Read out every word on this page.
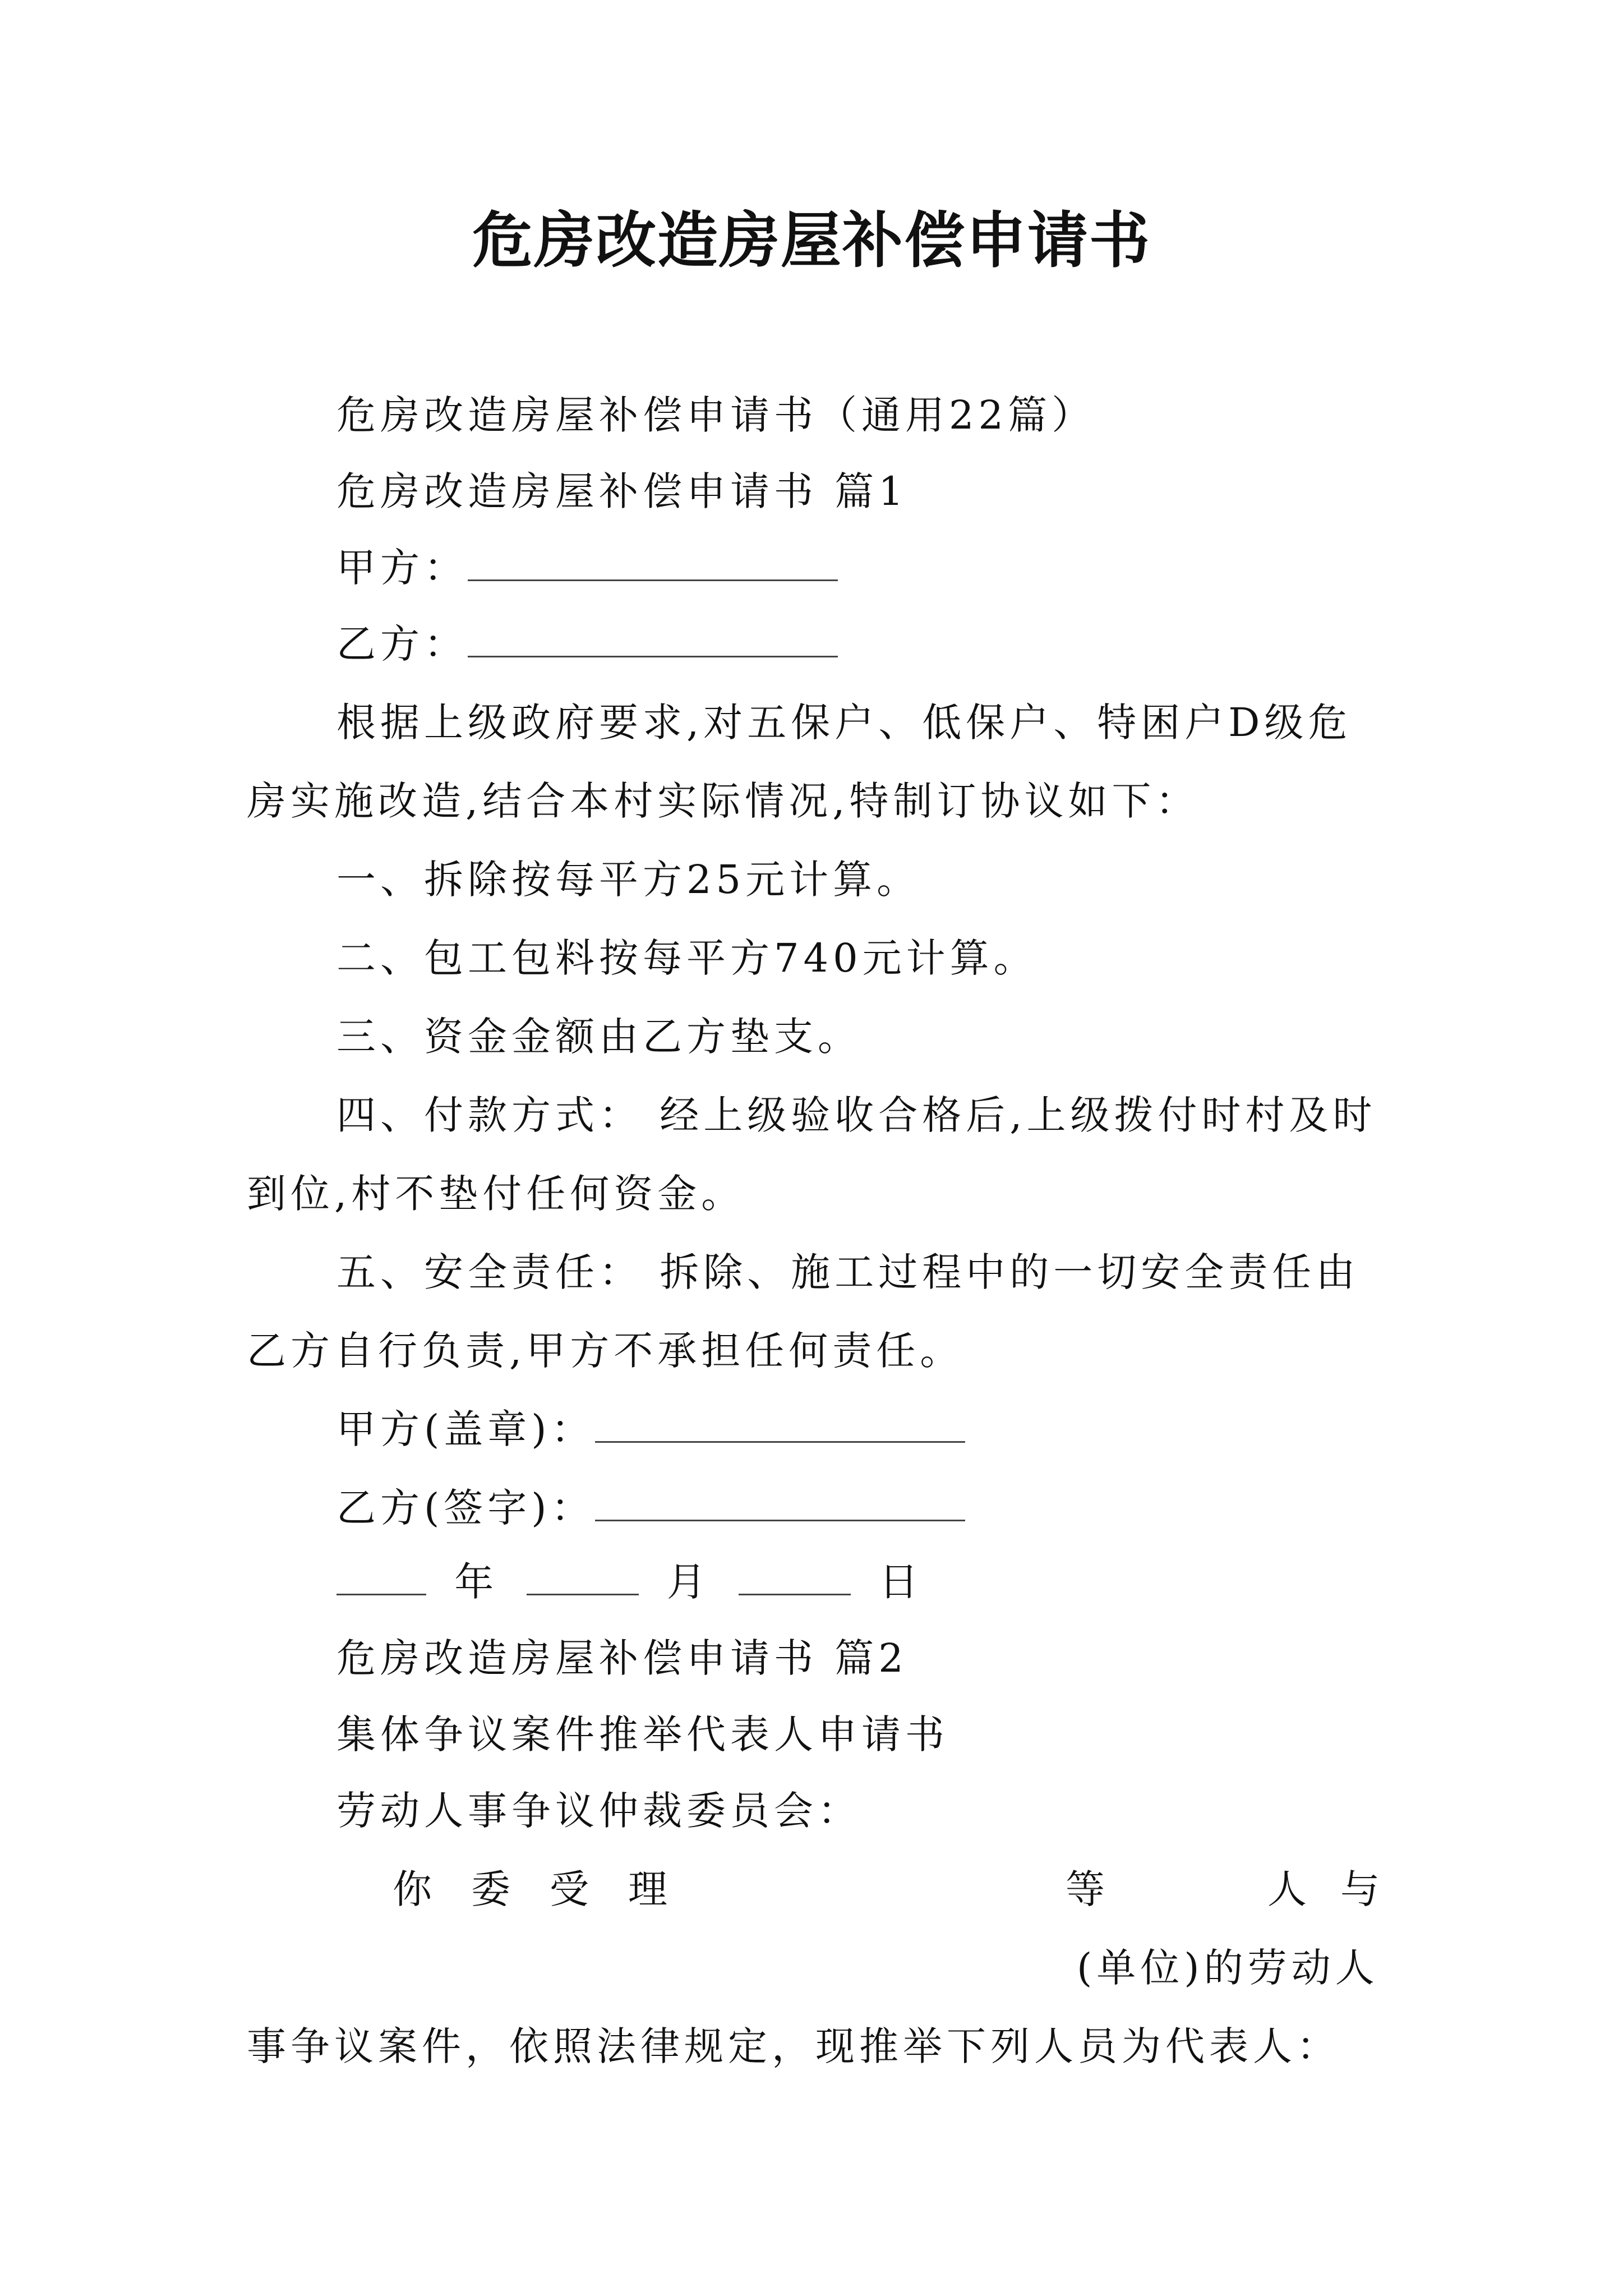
危房改造房屋补偿申请书
危房改造房屋补偿申请书（通用22篇）
危房改造房屋补偿申请书 篇1
甲方：
乙方：
根据上级政府要求,对五保户、低保户、特困户D级危
房实施改造,结合本村实际情况,特制订协议如下：
一、拆除按每平方25元计算。
二、包工包料按每平方740元计算。
三、资金金额由乙方垫支。
四、付款方式： 经上级验收合格后,上级拨付时村及时
到位,村不垫付任何资金。
五、安全责任： 拆除、施工过程中的一切安全责任由
乙方自行负责,甲方不承担任何责任。
甲方(盖章)：
乙方(签字)：
年	月	日
危房改造房屋补偿申请书 篇2
集体争议案件推举代表人申请书
劳动人事争议仲裁委员会：
你 委 受 理	等	人 与
(单位)的劳动人
事争议案件，依照法律规定，现推举下列人员为代表人：
